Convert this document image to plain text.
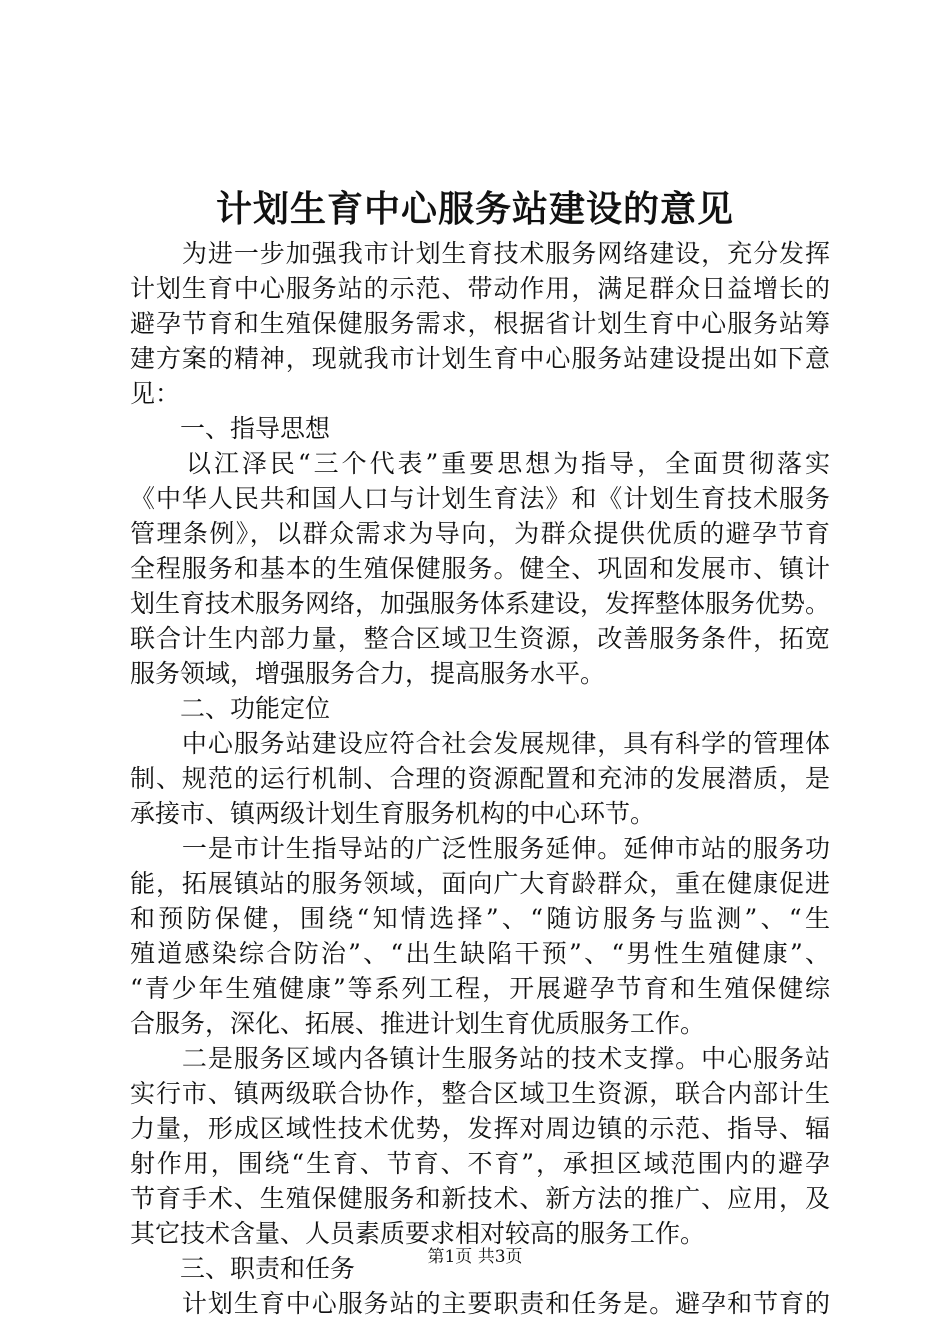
计划生育中心服务站建设的意见
　　为进一步加强我市计划生育技术服务网络建设，充分发挥
计划生育中心服务站的示范、带动作用，满足群众日益增长的
避孕节育和生殖保健服务需求，根据省计划生育中心服务站筹
建方案的精神，现就我市计划生育中心服务站建设提出如下意
见：
　　一、指导思想
　　以江泽民“三个代表”重要思想为指导，全面贯彻落实
《中华人民共和国人口与计划生育法》和《计划生育技术服务
管理条例》，以群众需求为导向，为群众提供优质的避孕节育
全程服务和基本的生殖保健服务。健全、巩固和发展市、镇计
划生育技术服务网络，加强服务体系建设，发挥整体服务优势。
联合计生内部力量，整合区域卫生资源，改善服务条件，拓宽
服务领域，增强服务合力，提高服务水平。
　　二、功能定位
　　中心服务站建设应符合社会发展规律，具有科学的管理体
制、规范的运行机制、合理的资源配置和充沛的发展潜质，是
承接市、镇两级计划生育服务机构的中心环节。
　　一是市计生指导站的广泛性服务延伸。延伸市站的服务功
能，拓展镇站的服务领域，面向广大育龄群众，重在健康促进
和预防保健，围绕“知情选择”、“随访服务与监测”、“生
殖道感染综合防治”、“出生缺陷干预”、“男性生殖健康”、
“青少年生殖健康”等系列工程，开展避孕节育和生殖保健综
合服务，深化、拓展、推进计划生育优质服务工作。
　　二是服务区域内各镇计生服务站的技术支撑。中心服务站
实行市、镇两级联合协作，整合区域卫生资源，联合内部计生
力量，形成区域性技术优势，发挥对周边镇的示范、指导、辐
射作用，围绕“生育、节育、不育”，承担区域范围内的避孕
节育手术、生殖保健服务和新技术、新方法的推广、应用，及
其它技术含量、人员素质要求相对较高的服务工作。
　　三、职责和任务
　　计划生育中心服务站的主要职责和任务是。避孕和节育的
第1页 共3页
